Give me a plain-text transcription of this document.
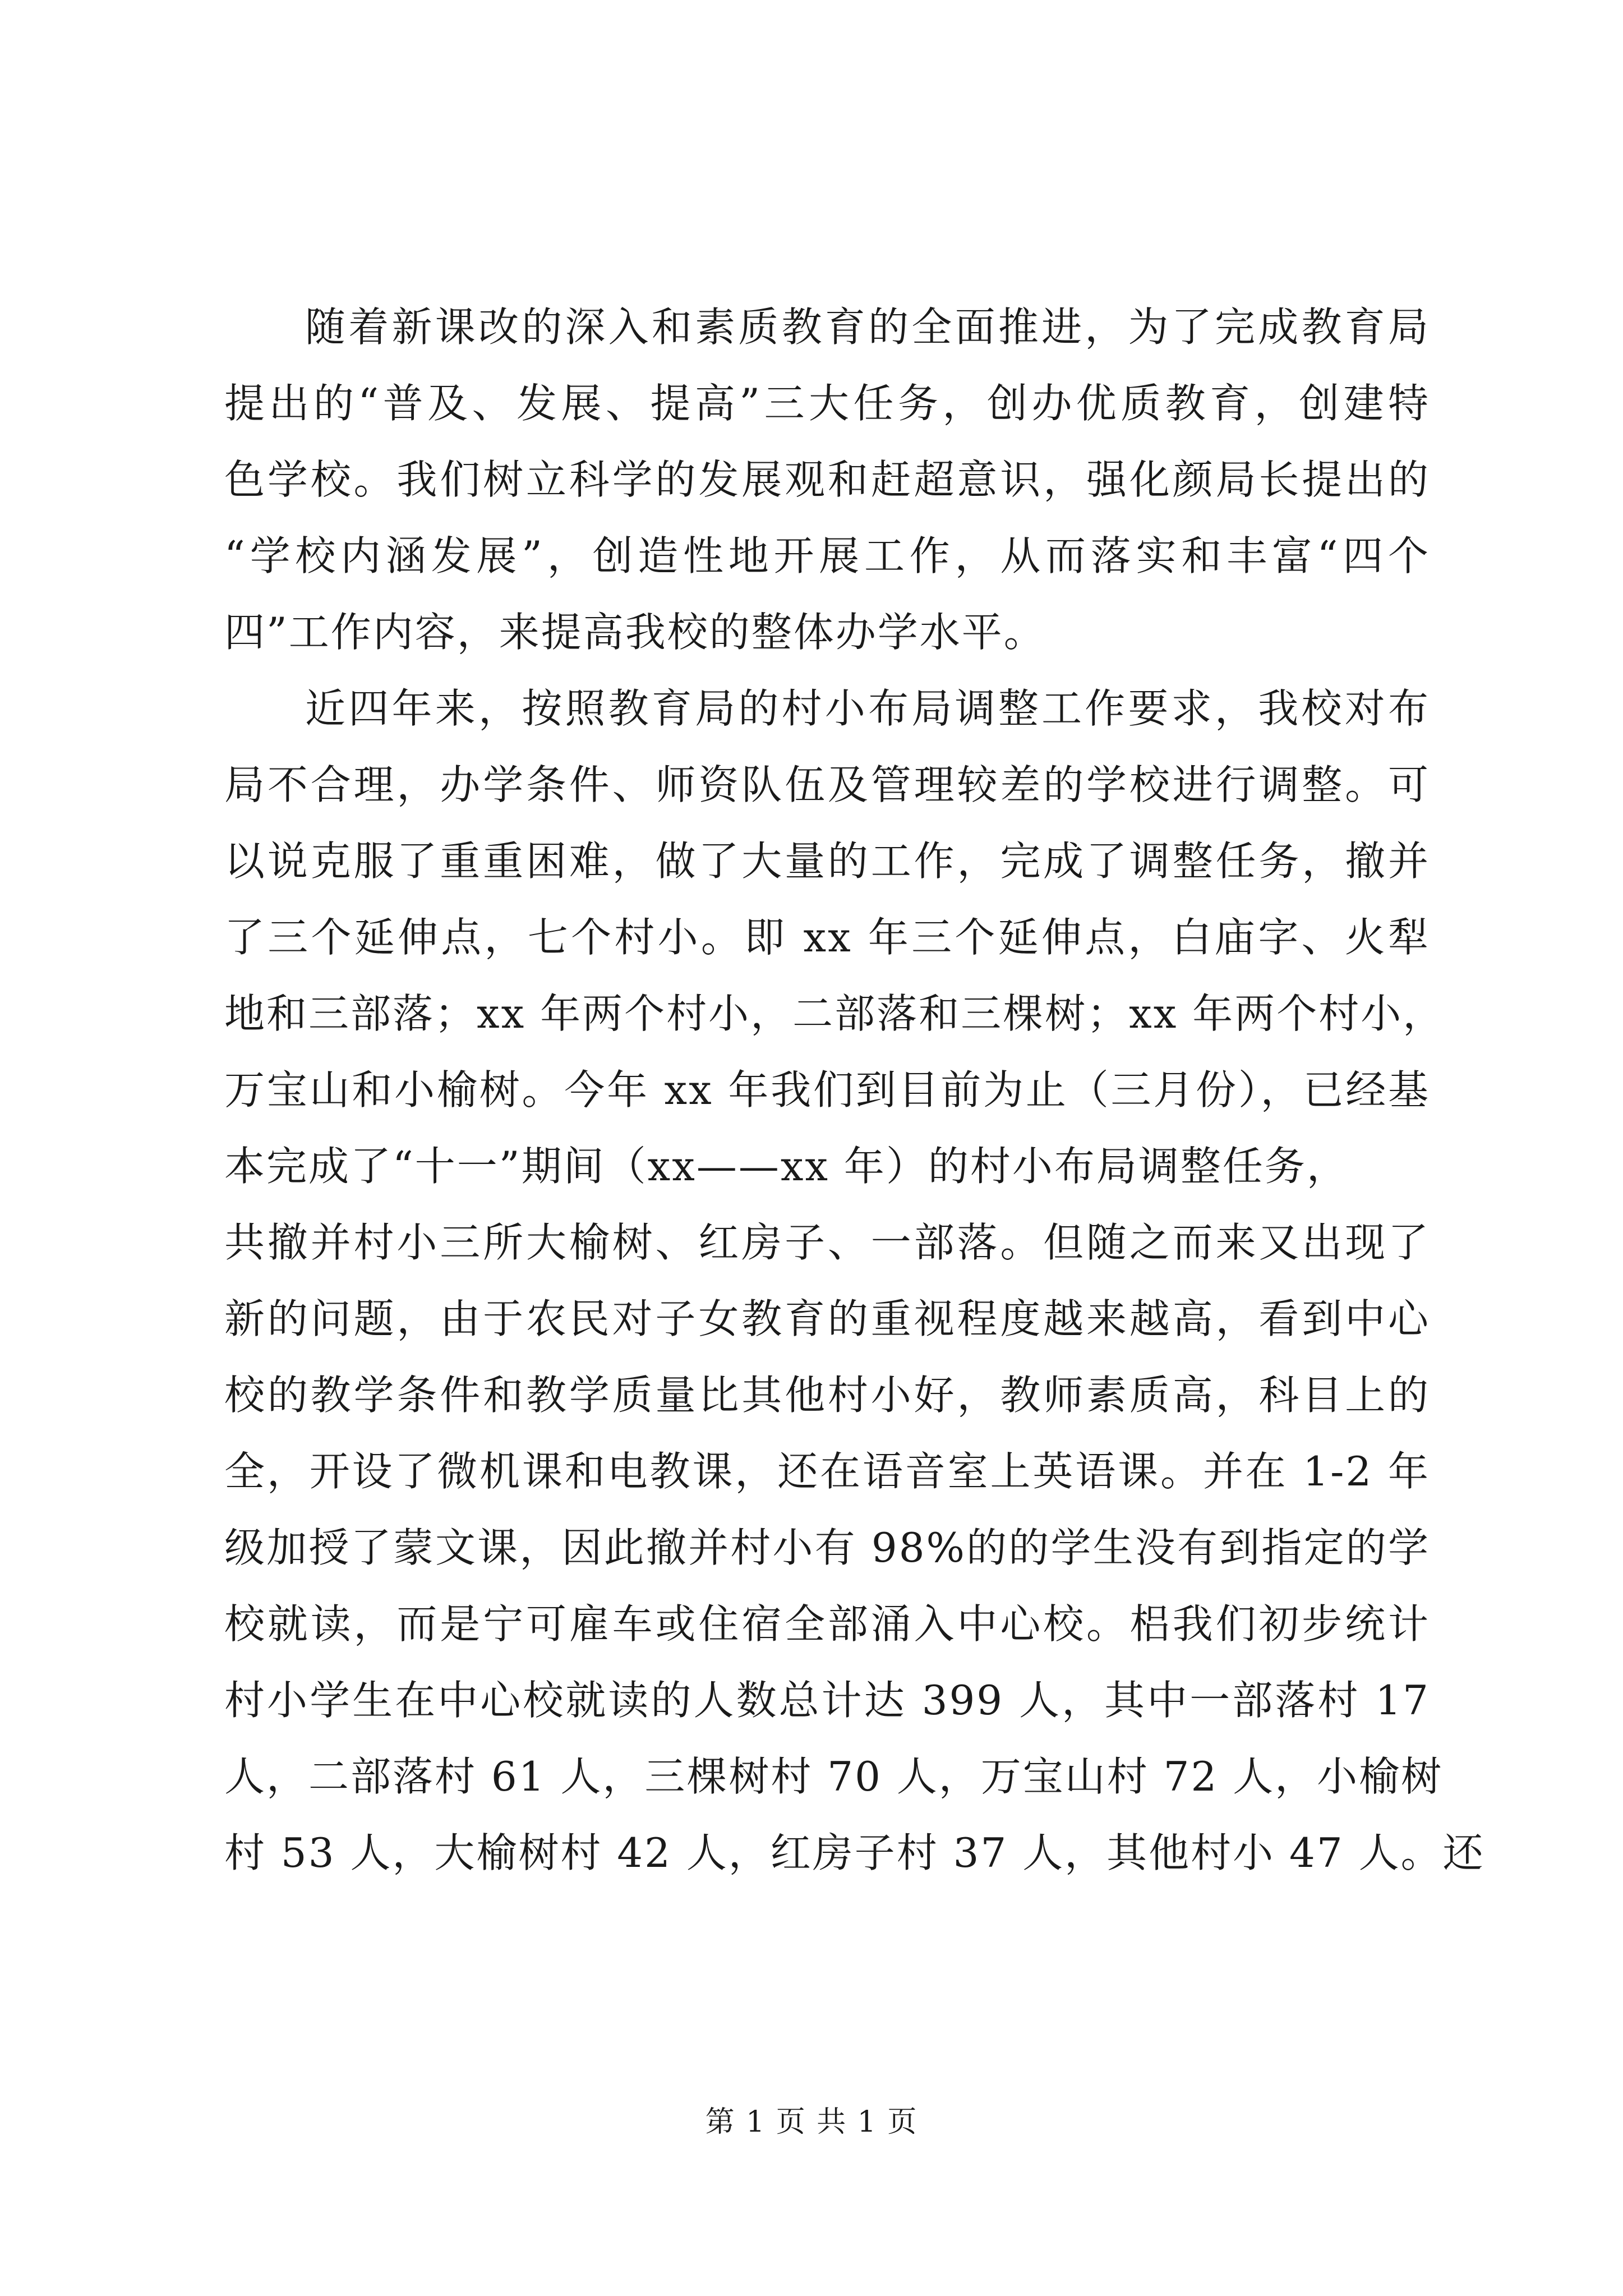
随着新课改的深入和素质教育的全面推进，为了完成教育局
提出的“普及、发展、提高”三大任务，创办优质教育，创建特
色学校。我们树立科学的发展观和赶超意识，强化颜局长提出的
“学校内涵发展”，创造性地开展工作，从而落实和丰富“四个
四”工作内容，来提高我校的整体办学水平。
近四年来，按照教育局的村小布局调整工作要求，我校对布
局不合理，办学条件、师资队伍及管理较差的学校进行调整。可
以说克服了重重困难，做了大量的工作，完成了调整任务，撤并
了三个延伸点，七个村小。即 xx 年三个延伸点，白庙字、火犁
地和三部落；xx 年两个村小，二部落和三棵树；xx 年两个村小，
万宝山和小榆树。今年 xx 年我们到目前为止（三月份），已经基
本完成了“十一”期间（xx——xx 年）的村小布局调整任务，
共撤并村小三所大榆树、红房子、一部落。但随之而来又出现了
新的问题，由于农民对子女教育的重视程度越来越高，看到中心
校的教学条件和教学质量比其他村小好，教师素质高，科目上的
全，开设了微机课和电教课，还在语音室上英语课。并在 1-2 年
级加授了蒙文课，因此撤并村小有 98%的的学生没有到指定的学
校就读，而是宁可雇车或住宿全部涌入中心校。梠我们初步统计
村小学生在中心校就读的人数总计达 399 人，其中一部落村 17
人，二部落村 61 人，三棵树村 70 人，万宝山村 72 人，小榆树
村 53 人，大榆树村 42 人，红房子村 37 人，其他村小 47 人。还
第 1 页 共 1 页
